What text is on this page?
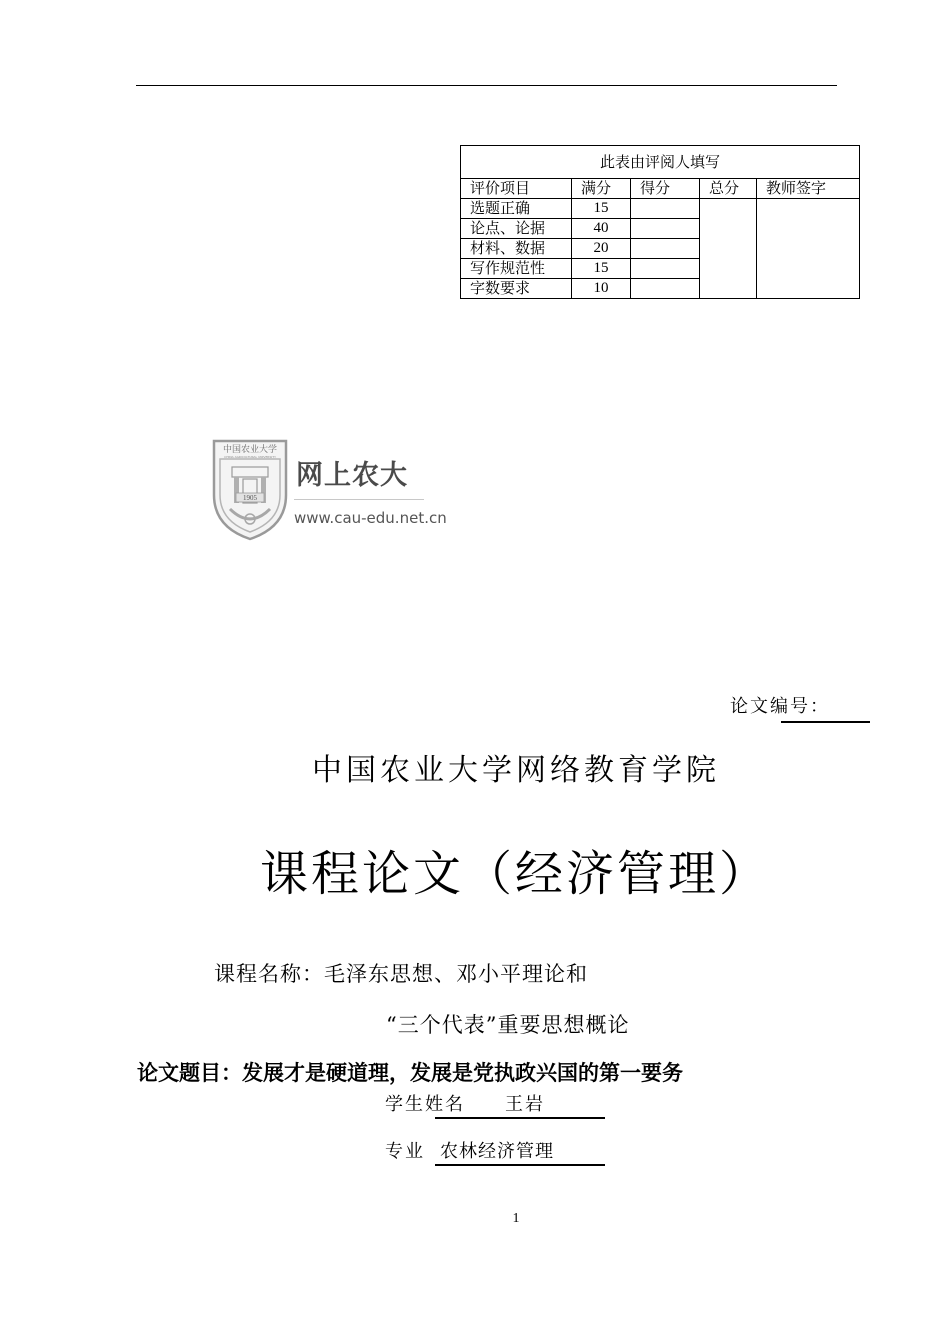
此表由评阅人填写				
评价项目	满分	得分	总分	教师签字
选题正确	15			
论点、论据	40			
材料、数据	20			
写作规范性	15			
字数要求	10			
中国农业大学
CHINA AGRICULTURAL UNIVERSITY
1905
网上农大
www.cau-edu.net.cn
论文编号：
中国农业大学网络教育学院
课程论文（经济管理）
课程名称：毛泽东思想、邓小平理论和
“三个代表”重要思想概论
论文题目：发展才是硬道理，发展是党执政兴国的第一要务
学生姓名 王岩
专业 农林经济管理
1
